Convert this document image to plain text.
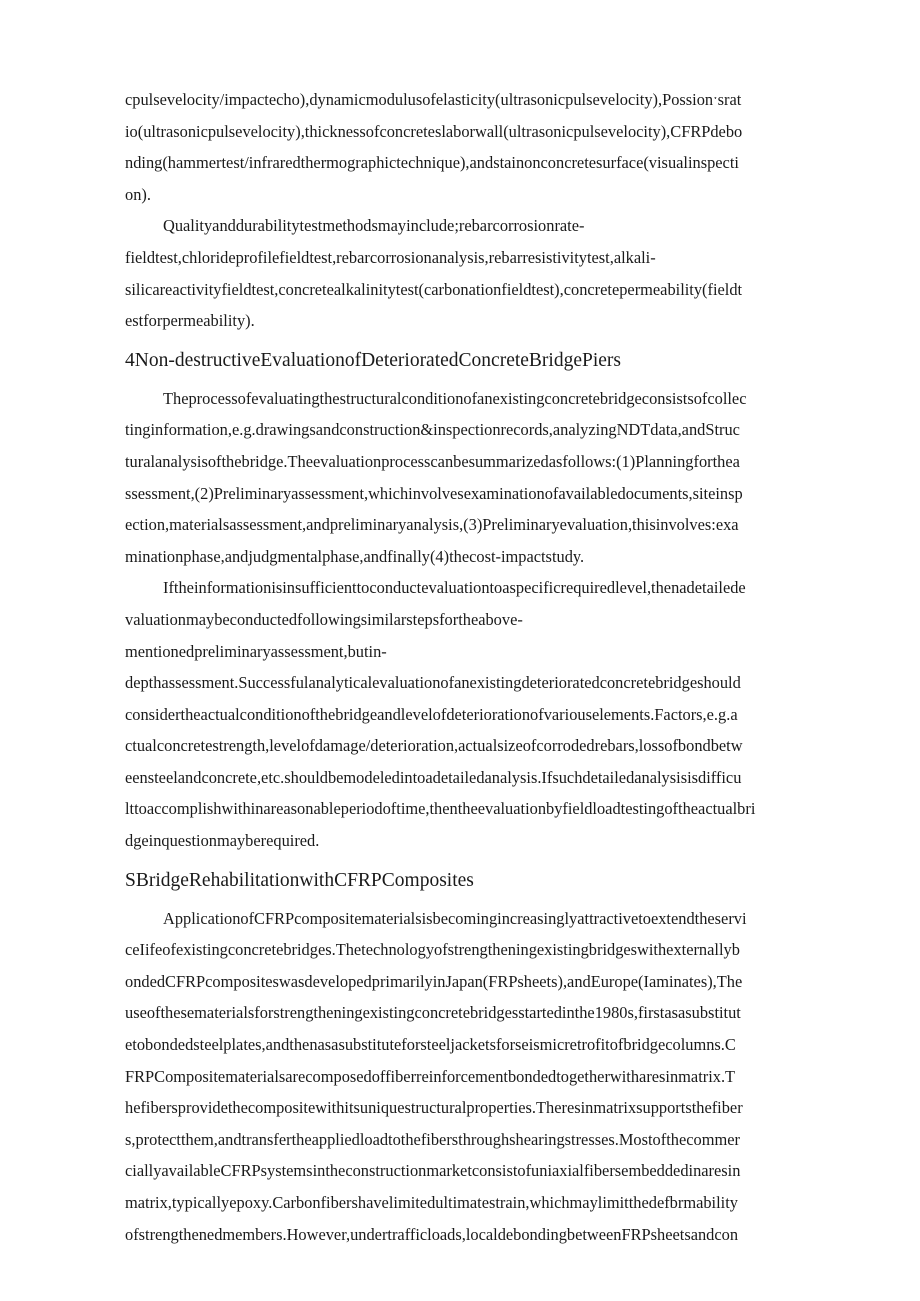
cpulsevelocity/impactecho),dynamicmodulusofelasticity(ultrasonicpulsevelocity),Possionˑsrat
io(ultrasonicpulsevelocity),thicknessofconcreteslaborwall(ultrasonicpulsevelocity),CFRPdebo
nding(hammertest/infraredthermographictechnique),andstainonconcretesurface(visualinspecti
on).
Qualityanddurabilitytestmethodsmayinclude;rebarcorrosionrate-
fieldtest,chlorideprofilefieldtest,rebarcorrosionanalysis,rebarresistivitytest,alkali-
silicareactivityfieldtest,concretealkalinitytest(carbonationfieldtest),concretepermeability(fieldt
estforpermeability).
4Non-destructiveEvaluationofDeterioratedConcreteBridgePiers
Theprocessofevaluatingthestructuralconditionofanexistingconcretebridgeconsistsofcollec
tinginformation,e.g.drawingsandconstruction&inspectionrecords,analyzingNDTdata,andStruc
turalanalysisofthebridge.Theevaluationprocesscanbesummarizedasfollows:(1)Planningforthea
ssessment,(2)Preliminaryassessment,whichinvolvesexaminationofavailabledocuments,siteinsp
ection,materialsassessment,andpreliminaryanalysis,(3)Preliminaryevaluation,thisinvolves:exa
minationphase,andjudgmentalphase,andfinally(4)thecost-impactstudy.
Iftheinformationisinsufficienttoconductevaluationtoaspecificrequiredlevel,thenadetailede
valuationmaybeconductedfollowingsimilarstepsfortheabove-
mentionedpreliminaryassessment,butin-
depthassessment.Successfulanalyticalevaluationofanexistingdeterioratedconcretebridgeshould
considertheactualconditionofthebridgeandlevelofdeteriorationofvariouselements.Factors,e.g.a
ctualconcretestrength,levelofdamage/deterioration,actualsizeofcorrodedrebars,lossofbondbetw
eensteelandconcrete,etc.shouldbemodeledintoadetailedanalysis.Ifsuchdetailedanalysisisdifficu
lttoaccomplishwithinareasonableperiodoftime,thentheevaluationbyfieldloadtestingoftheactualbri
dgeinquestionmayberequired.
SBridgeRehabilitationwithCFRPComposites
ApplicationofCFRPcompositematerialsisbecomingincreasinglyattractivetoextendtheservi
ceIifeofexistingconcretebridges.Thetechnologyofstrengtheningexistingbridgeswithexternallyb
ondedCFRPcompositeswasdevelopedprimarilyinJapan(FRPsheets),andEurope(Iaminates),The
useofthesematerialsforstrengtheningexistingconcretebridgesstartedinthe1980s,firstasasubstitut
etobondedsteelplates,andthenasasubstituteforsteeljacketsforseismicretrofitofbridgecolumns.C
FRPCompositematerialsarecomposedoffiberreinforcementbondedtogetherwitharesinmatrix.T
hefibersprovidethecompositewithitsuniquestructuralproperties.Theresinmatrixsupportsthefiber
s,protectthem,andtransfertheappliedloadtothefibersthroughshearingstresses.Mostofthecommer
ciallyavailableCFRPsystemsintheconstructionmarketconsistofuniaxialfibersembeddedinaresin
matrix,typicallyepoxy.Carbonfibershavelimitedultimatestrain,whichmaylimitthedefbrmability
ofstrengthenedmembers.However,undertrafficloads,localdebondingbetweenFRPsheetsandcon
